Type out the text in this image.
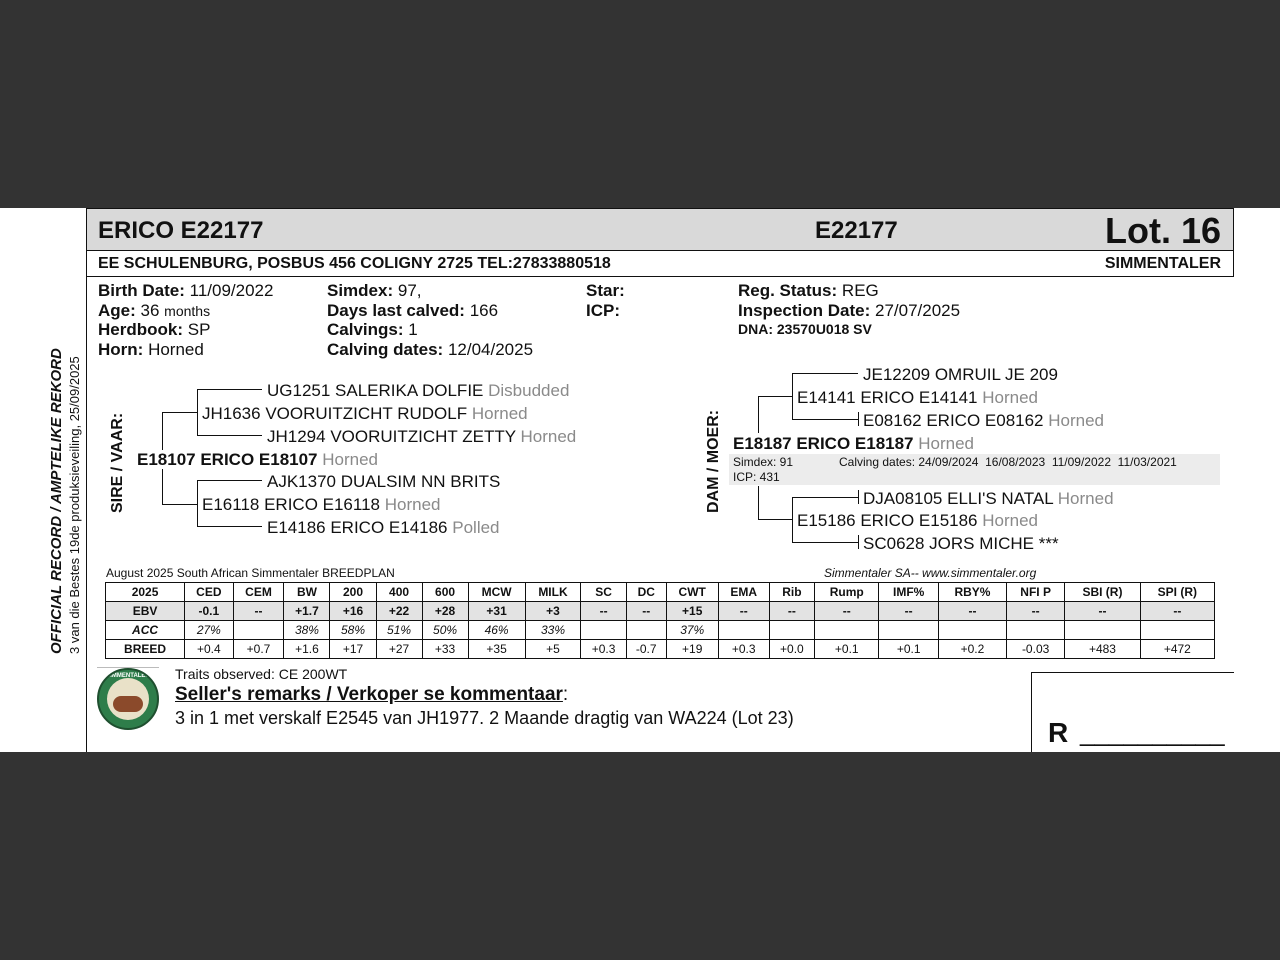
OFFICIAL RECORD / AMPTELIKE REKORD 3 van die Bestes 19de produksieveiling, 25/09/2025
ERICO E22177	E22177	Lot. 16
EE SCHULENBURG, POSBUS 456 COLIGNY 2725 TEL:27833880518	SIMMENTALER
Birth Date: 11/09/2022
Age: 36 months
Herdbook: SP
Horn: Horned
Simdex: 97,
Days last calved: 166
Calvings: 1
Calving dates: 12/04/2025
Star:
ICP:
Reg. Status: REG
Inspection Date: 27/07/2025
DNA: 23570U018 SV
SIRE / VAAR:
UG1251 SALERIKA DOLFIE Disbudded
JH1636 VOORUITZICHT RUDOLF Horned
JH1294 VOORUITZICHT ZETTY Horned
E18107 ERICO E18107 Horned
AJK1370 DUALSIM NN BRITS
E16118 ERICO E16118 Horned
E14186 ERICO E14186 Polled
DAM / MOER:
JE12209 OMRUIL JE 209
E14141 ERICO E14141 Horned
E08162 ERICO E08162 Horned
E18187 ERICO E18187 Horned
Simdex: 91
ICP: 431
Calving dates: 24/09/2024  16/08/2023  11/09/2022  11/03/2021
DJA08105 ELLI'S NATAL Horned
E15186 ERICO E15186 Horned
SC0628 JORS MICHE ***
August 2025 South African Simmentaler BREEDPLAN	Simmentaler SA-- www.simmentaler.org
2025	CED	CEM	BW	200	400	600	MCW	MILK	SC	DC	CWT	EMA	Rib	Rump	IMF%	RBY%	NFI P	SBI (R)	SPI (R)
EBV	-0.1	--	+1.7	+16	+22	+28	+31	+3	--	--	+15	--	--	--	--	--	--	--	--
ACC	27%		38%	58%	51%	50%	46%	33%			37%								
BREED	+0.4	+0.7	+1.6	+17	+27	+33	+35	+5	+0.3	-0.7	+19	+0.3	+0.0	+0.1	+0.1	+0.2	-0.03	+483	+472
SIMMENTALER	Traits observed: CE 200WT
Seller's remarks / Verkoper se kommentaar:
3 in 1 met verskalf E2545 van JH1977. 2 Maande dragtig van WA224 (Lot 23)	R __________
